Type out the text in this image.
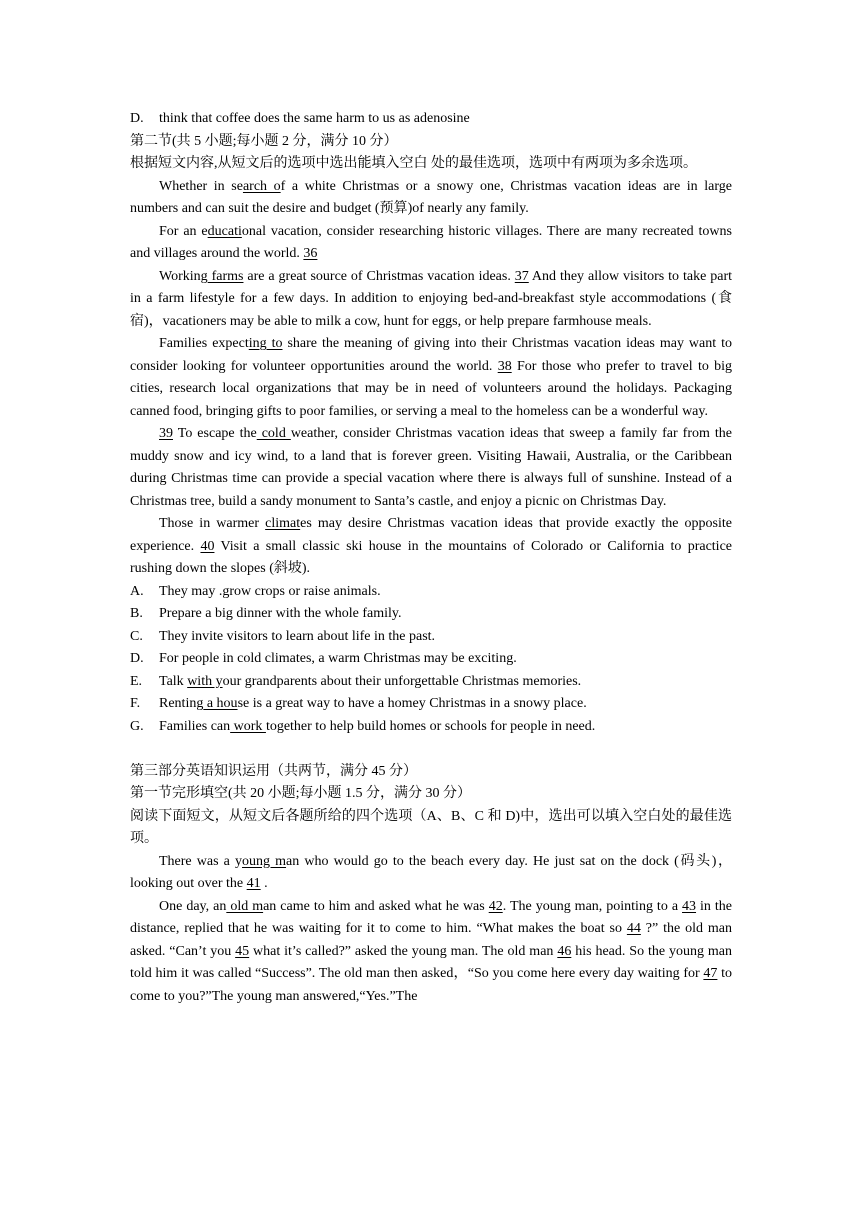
D.	think that coffee does the same harm to us as adenosine

第二节(共 5 小题;每小题 2 分，满分 10 分）

根据短文内容,从短文后的选项中选出能填入空白 处的最佳选项，选项中有两项为多余选项。

Whether in search of a white Christmas or a snowy one, Christmas vacation ideas are in large numbers and can suit the desire and budget (预算)of nearly any family.

For an educational vacation, consider researching historic villages. There are many recreated towns and villages around the world. 36

Working farms are a great source of Christmas vacation ideas. 37 And they allow visitors to take part in a farm lifestyle for a few days. In addition to enjoying bed-and-breakfast style accommodations (食宿)，vacationers may be able to milk a cow, hunt for eggs, or help prepare farmhouse meals.

Families expecting to share the meaning of giving into their Christmas vacation ideas may want to consider looking for volunteer opportunities around the world. 38 For those who prefer to travel to big cities, research local organizations that may be in need of volunteers around the holidays. Packaging canned food, bringing gifts to poor families, or serving a meal to the homeless can be a wonderful way.

39 To escape the cold weather, consider Christmas vacation ideas that sweep a family far from the muddy snow and icy wind, to a land that is forever green. Visiting Hawaii, Australia, or the Caribbean during Christmas time can provide a special vacation where there is always full of sunshine. Instead of a Christmas tree, build a sandy monument to Santa’s castle, and enjoy a picnic on Christmas Day.

Those in warmer climates may desire Christmas vacation ideas that provide exactly the opposite experience. 40 Visit a small classic ski house in the mountains of Colorado or California to practice rushing down the slopes (斜坡).

A.	They may .grow crops or raise animals.

B.	Prepare a big dinner with the whole family.

C.	They invite visitors to learn about life in the past.

D.	For people in cold climates, a warm Christmas may be exciting.

E.	Talk with your grandparents about their unforgettable Christmas memories.

F.	Renting a house is a great way to have a homey Christmas in a snowy place.

G.	Families can work together to help build homes or schools for people in need.

第三部分英语知识运用（共两节，满分 45 分）

第一节完形填空(共 20 小题;每小题 1.5 分，满分 30 分）

阅读下面短文，从短文后各题所给的四个选项（A、B、C 和 D)中，选出可以填入空白处的最佳选项。

There was a young man who would go to the beach every day. He just sat on the dock (码头)，looking out over the 41 .

One day, an old man came to him and asked what he was 42. The young man, pointing to a 43 in the distance, replied that he was waiting for it to come to him. “What makes the boat so 44 ?” the old man asked. “Can’t you 45 what it’s called?” asked the young man. The old man 46 his head. So the young man told him it was called “Success”. The old man then asked，“So you come here every day waiting for 47 to come to you?”The young man answered,“Yes.”The
